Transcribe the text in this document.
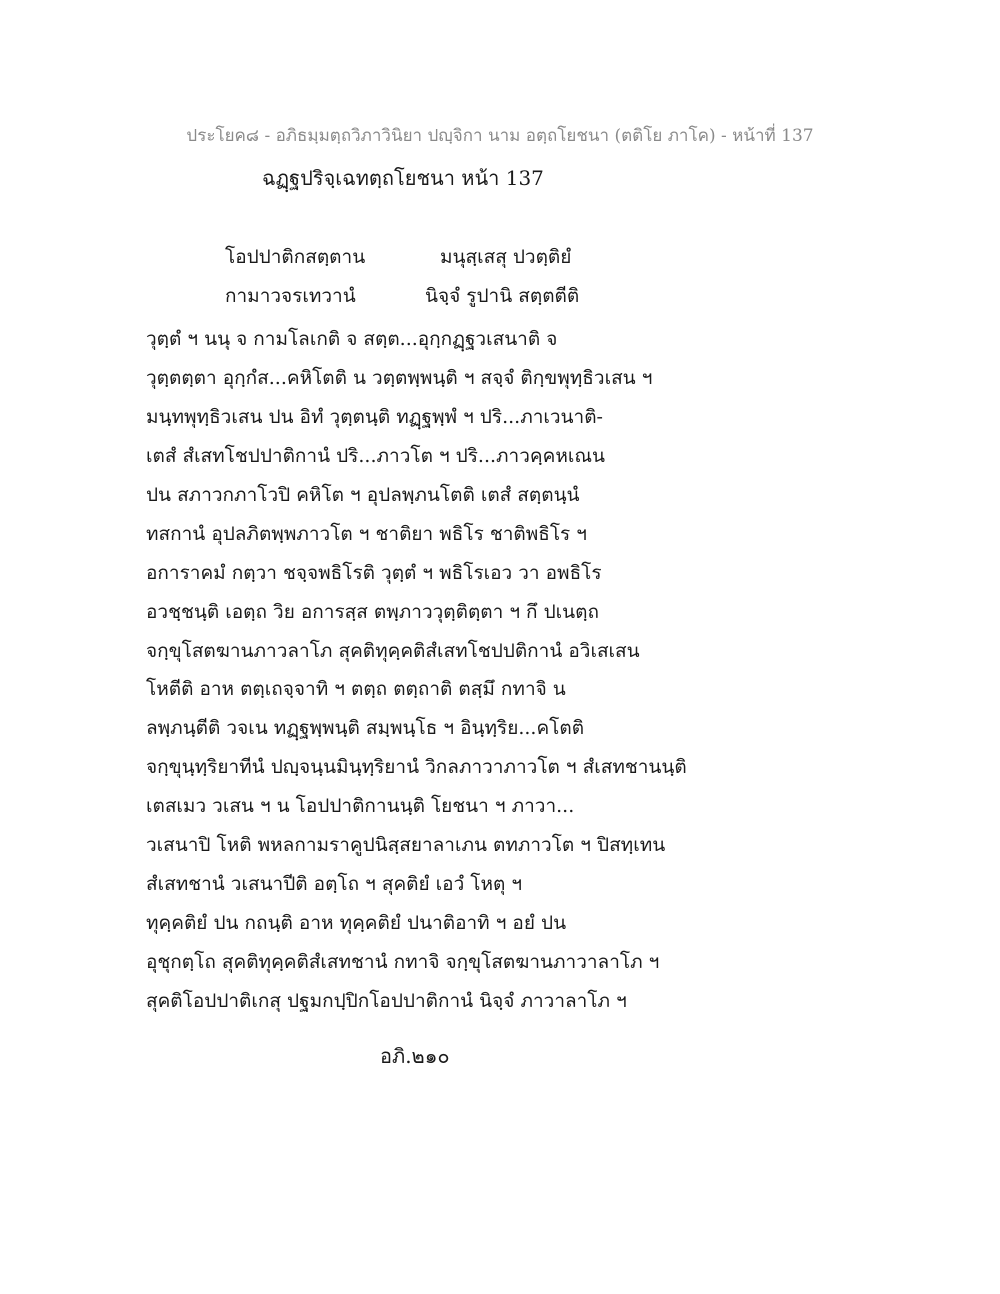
ประโยค๘ - อภิธมฺมตฺถวิภาวินิยา ปญฺจิกา นาม อตฺถโยชนา (ตติโย ภาโค) - หน้าที่ 137
ฉฏฺฐปริจฺเฉทตฺถโยชนา หน้า 137
โอปปาติกสตฺตาน	มนุสฺเสสุ ปวตฺติยํ
กามาวจรเทวานํ	นิจฺจํ รูปานิ สตฺตตีติ
วุตฺตํ ฯ นนุ จ กามโลเกติ จ สตฺต...อุกฺกฏฺฐวเสนาติ จ
วุตฺตตฺตา อุกฺกํส...คหิโตติ น วตฺตพฺพนฺติ ฯ สจฺจํ ติกฺขพุทฺธิวเสน ฯ
มนฺทพุทฺธิวเสน ปน อิทํ วุตฺตนฺติ ทฏฺฐพฺพํ ฯ ปริ...ภาเวนาติ-
เตสํ สํเสทโชปปาติกานํ ปริ...ภาวโต ฯ ปริ...ภาวคฺคหเณน
ปน สภาวกภาโวปิ คหิโต ฯ อุปลพฺภนโตติ เตสํ สตฺตนฺนํ
ทสกานํ อุปลภิตพฺพภาวโต ฯ ชาติยา พธิโร ชาติพธิโร ฯ
อการาคมํ กตฺวา ชจฺจพธิโรติ วุตฺตํ ฯ พธิโรเอว วา อพธิโร
อวชฺชนฺติ เอตฺถ วิย อการสฺส ตพฺภาววุตฺติตฺตา ฯ กึ ปเนตฺถ
จกฺขุโสตฆานภาวลาโภ สุคติทุคฺคติสํเสทโชปปติกานํ อวิเสเสน
โหตีติ อาห ตตฺเถจฺจาทิ ฯ ตตฺถ ตตฺถาติ ตสฺมึ กทาจิ น
ลพฺภนฺตีติ วจเน ทฏฺฐพฺพนฺติ สมฺพนฺโธ ฯ อินฺทฺริย...คโตติ
จกฺขุนฺทฺริยาทีนํ ปญฺจนฺนมินฺทฺริยานํ วิกลภาวาภาวโต ฯ สํเสทชานนฺติ
เตสเมว วเสน ฯ น โอปปาติกานนฺติ โยชนา ฯ ภาวา...
วเสนาปิ โหติ พหลกามราคูปนิสฺสยาลาเภน ตทภาวโต ฯ ปิสทฺเทน
สํเสทชานํ วเสนาปีติ อตฺโถ ฯ สุคติยํ เอวํ โหตุ ฯ
ทุคฺคติยํ ปน กถนฺติ อาห ทุคฺคติยํ ปนาติอาทิ ฯ อยํ ปน
อุชุกตฺโถ สุคติทุคฺคติสํเสทชานํ กทาจิ จกฺขุโสตฆานภาวาลาโภ ฯ
สุคติโอปปาติเกสุ ปฐมกปฺปิกโอปปาติกานํ นิจฺจํ ภาวาลาโภ ฯ
อภิ.๒๑๐
